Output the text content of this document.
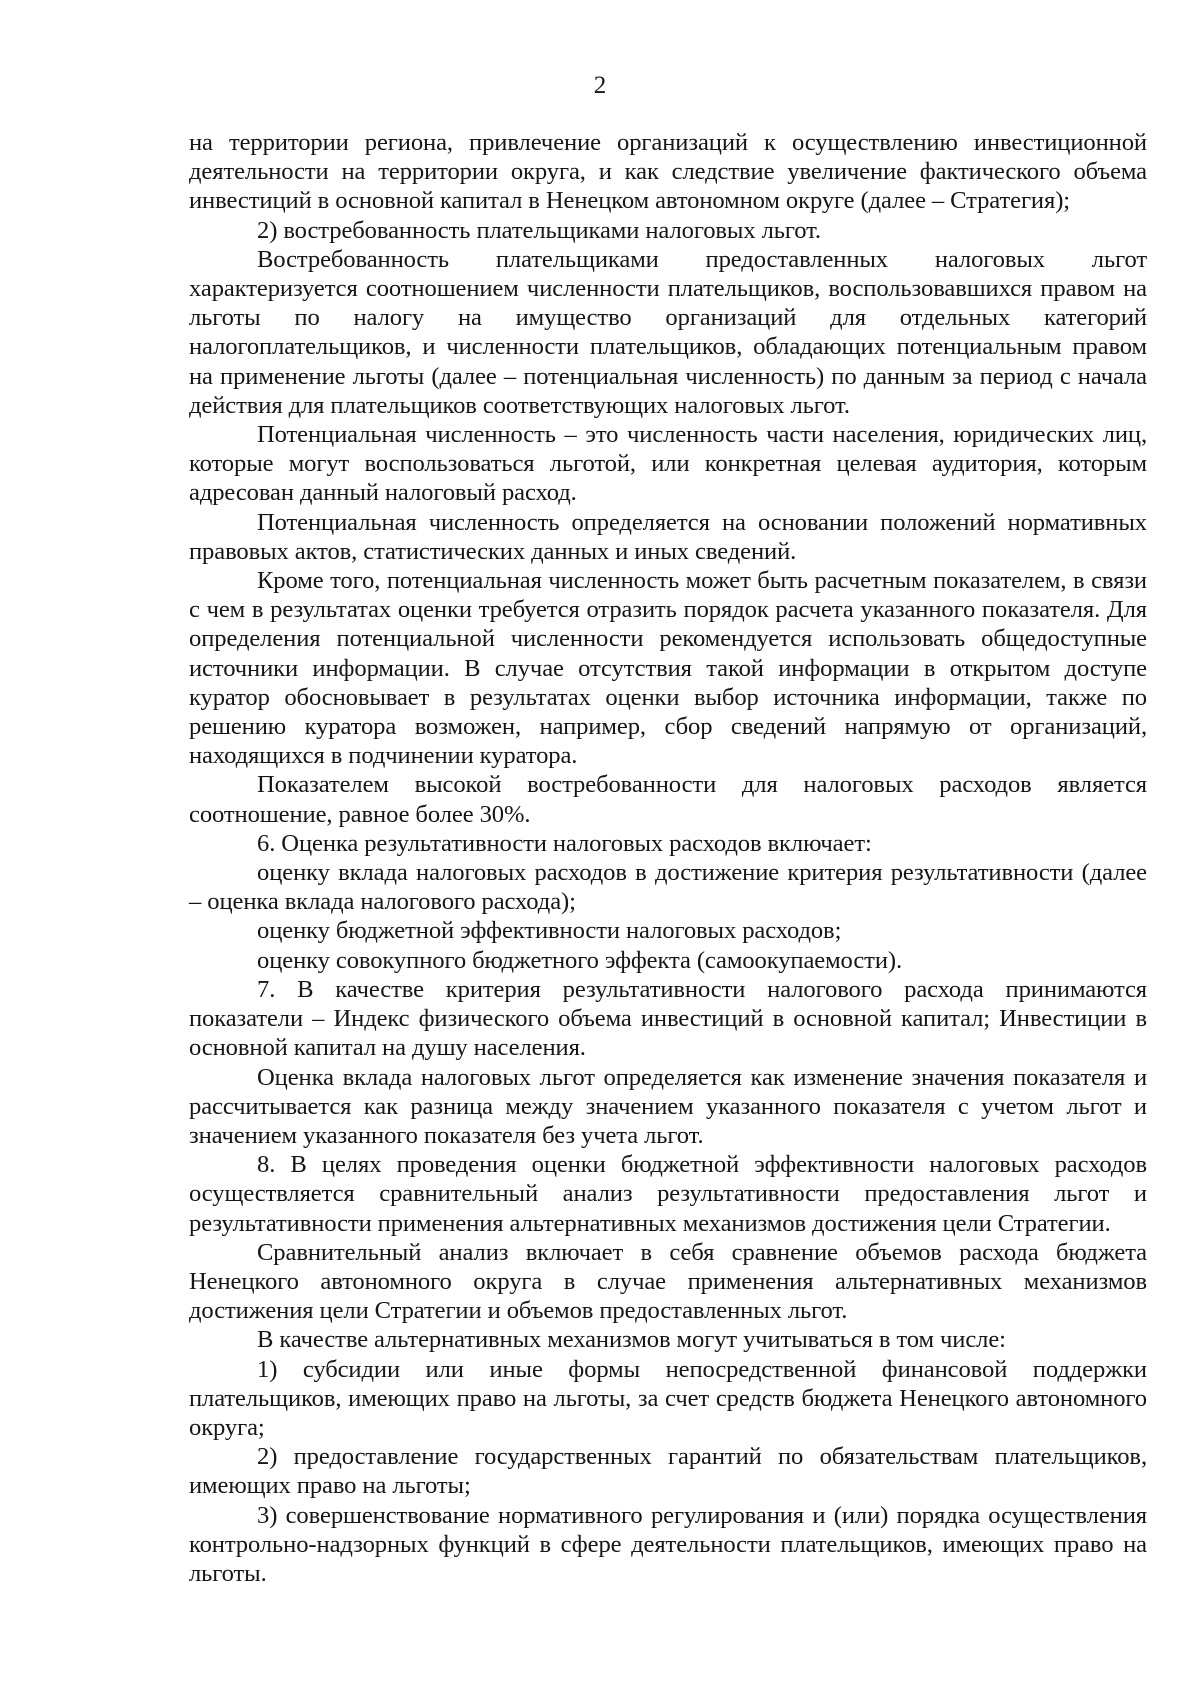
2

на территории региона, привлечение организаций к осуществлению инвестиционной деятельности на территории округа, и как следствие увеличение фактического объема инвестиций в основной капитал в Ненецком автономном округе (далее – Стратегия);

2) востребованность плательщиками налоговых льгот.

Востребованность плательщиками предоставленных налоговых льгот характеризуется соотношением численности плательщиков, воспользовавшихся правом на льготы по налогу на имущество организаций для отдельных категорий налогоплательщиков, и численности плательщиков, обладающих потенциальным правом на применение льготы (далее – потенциальная численность) по данным за период с начала действия для плательщиков соответствующих налоговых льгот.

Потенциальная численность – это численность части населения, юридических лиц, которые могут воспользоваться льготой, или конкретная целевая аудитория, которым адресован данный налоговый расход.

Потенциальная численность определяется на основании положений нормативных правовых актов, статистических данных и иных сведений.

Кроме того, потенциальная численность может быть расчетным показателем, в связи с чем в результатах оценки требуется отразить порядок расчета указанного показателя. Для определения потенциальной численности рекомендуется использовать общедоступные источники информации. В случае отсутствия такой информации в открытом доступе куратор обосновывает в результатах оценки выбор источника информации, также по решению куратора возможен, например, сбор сведений напрямую от организаций, находящихся в подчинении куратора.

Показателем высокой востребованности для налоговых расходов является соотношение, равное более 30%.

6. Оценка результативности налоговых расходов включает:

оценку вклада налоговых расходов в достижение критерия результативности (далее – оценка вклада налогового расхода);

оценку бюджетной эффективности налоговых расходов;

оценку совокупного бюджетного эффекта (самоокупаемости).

7. В качестве критерия результативности налогового расхода принимаются показатели – Индекс физического объема инвестиций в основной капитал; Инвестиции в основной капитал на душу населения.

Оценка вклада налоговых льгот определяется как изменение значения показателя и рассчитывается как разница между значением указанного показателя с учетом льгот и значением указанного показателя без учета льгот.

8. В целях проведения оценки бюджетной эффективности налоговых расходов осуществляется сравнительный анализ результативности предоставления льгот и результативности применения альтернативных механизмов достижения цели Стратегии.

Сравнительный анализ включает в себя сравнение объемов расхода бюджета Ненецкого автономного округа в случае применения альтернативных механизмов достижения цели Стратегии и объемов предоставленных льгот.

В качестве альтернативных механизмов могут учитываться в том числе:

1) субсидии или иные формы непосредственной финансовой поддержки плательщиков, имеющих право на льготы, за счет средств бюджета Ненецкого автономного округа;

2) предоставление государственных гарантий по обязательствам плательщиков, имеющих право на льготы;

3) совершенствование нормативного регулирования и (или) порядка осуществления контрольно-надзорных функций в сфере деятельности плательщиков, имеющих право на льготы.
